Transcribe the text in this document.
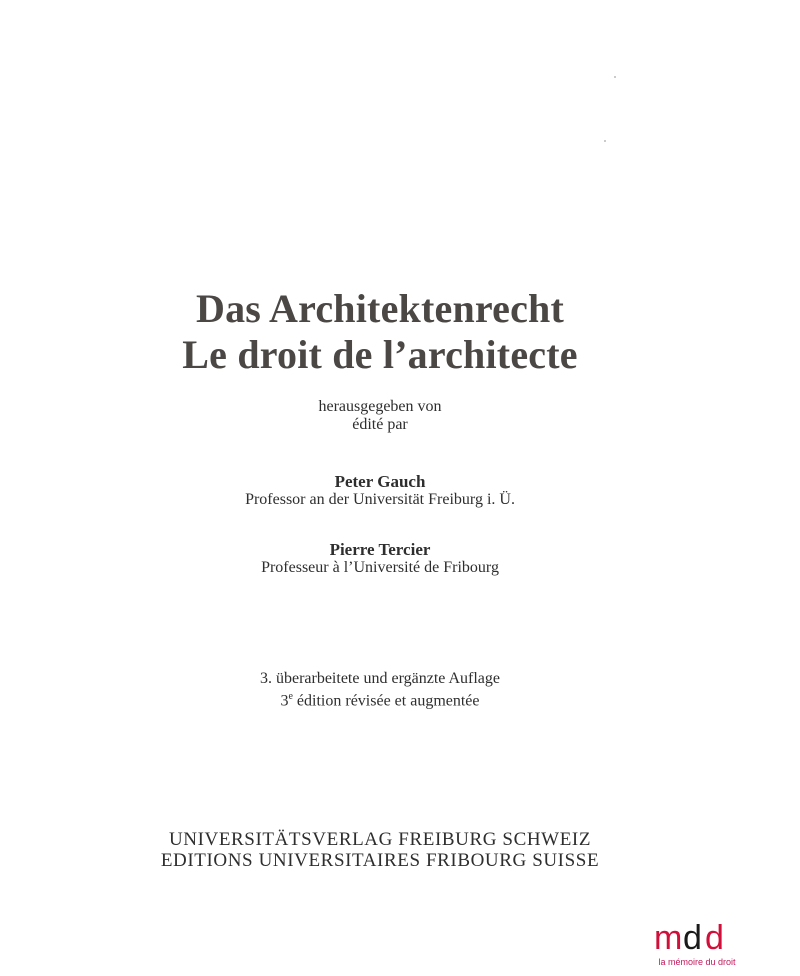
Das Architektenrecht
Le droit de l’architecte
herausgegeben von
édité par
Peter Gauch
Professor an der Universität Freiburg i. Ü.
Pierre Tercier
Professeur à l’Université de Fribourg
3. überarbeitete und ergänzte Auflage
3e édition révisée et augmentée
UNIVERSITÄTSVERLAG FREIBURG SCHWEIZ
EDITIONS UNIVERSITAIRES FRIBOURG SUISSE
m d d
la mémoire du droit
